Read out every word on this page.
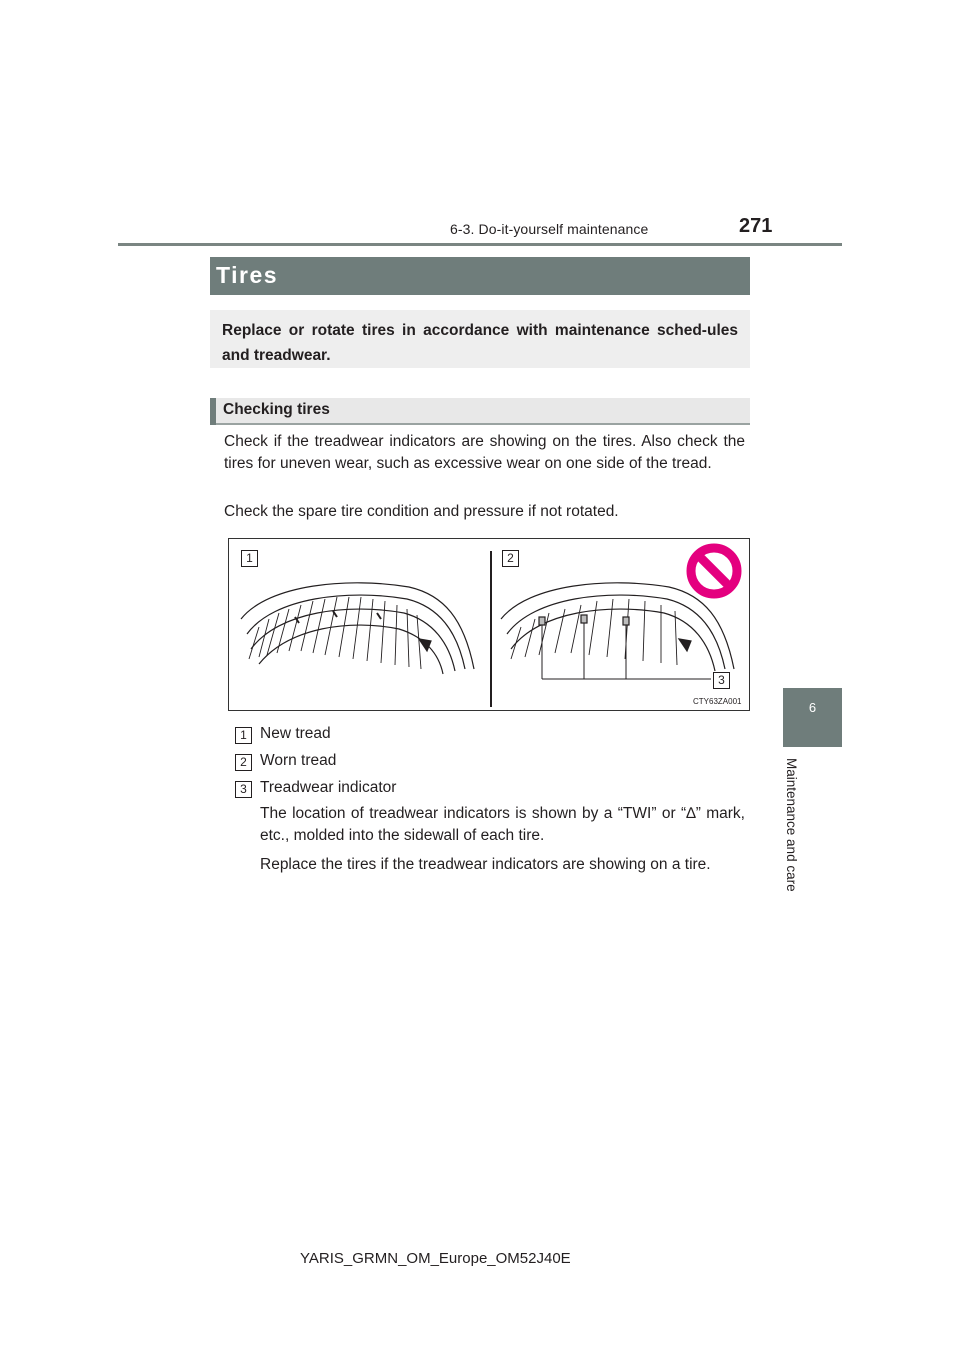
6-3. Do-it-yourself maintenance	271
6
Maintenance and care
Tires
Replace or rotate tires in accordance with maintenance sched-ules and treadwear.
Checking tires
Check if the treadwear indicators are showing on the tires. Also check the tires for uneven wear, such as excessive wear on one side of the tread.
Check the spare tire condition and pressure if not rotated.
1	2
3
CTY63ZA001
1 New tread
2 Worn tread
3 Treadwear indicator
The location of treadwear indicators is shown by a “TWI” or “∆” mark, etc., molded into the sidewall of each tire.
Replace the tires if the treadwear indicators are showing on a tire.
YARIS_GRMN_OM_Europe_OM52J40E
